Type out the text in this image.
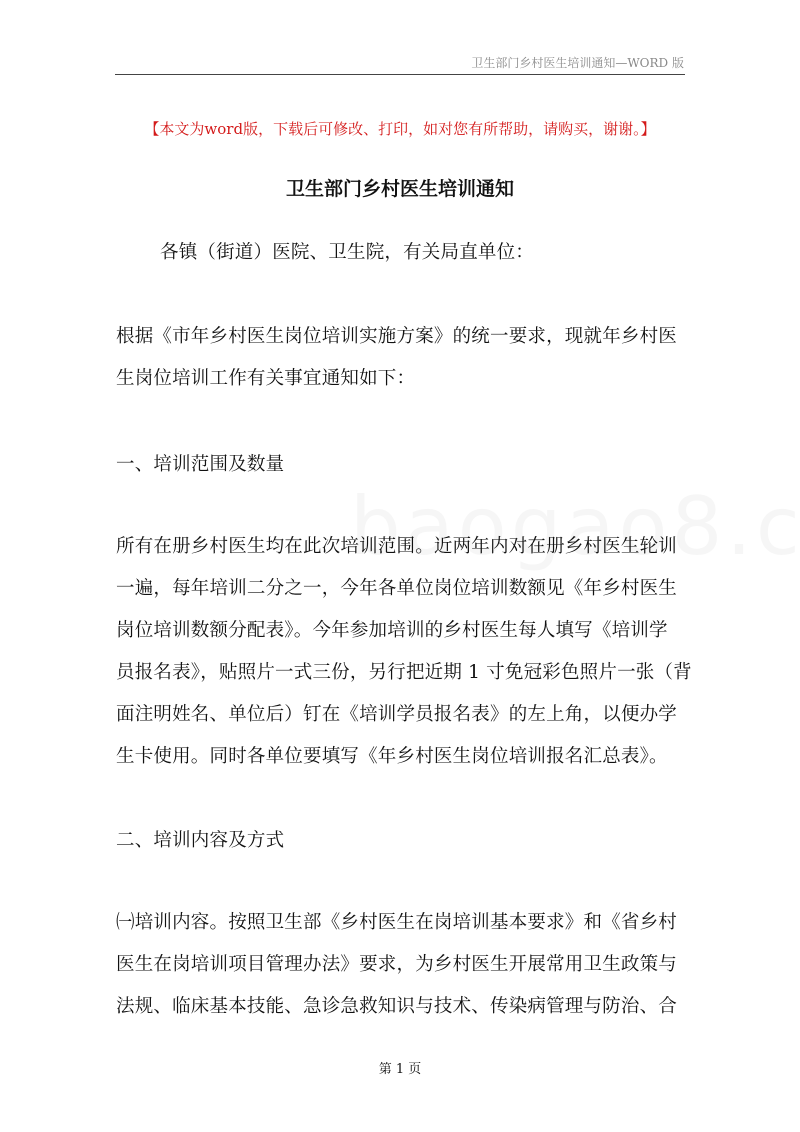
卫生部门乡村医生培训通知—WORD 版
【本文为word版，下载后可修改、打印，如对您有所帮助，请购买，谢谢。】
卫生部门乡村医生培训通知
各镇（街道）医院、卫生院，有关局直单位：
根据《市年乡村医生岗位培训实施方案》的统一要求，现就年乡村医
生岗位培训工作有关事宜通知如下：
一、培训范围及数量
所有在册乡村医生均在此次培训范围。近两年内对在册乡村医生轮训
一遍，每年培训二分之一，今年各单位岗位培训数额见《年乡村医生
岗位培训数额分配表》。今年参加培训的乡村医生每人填写《培训学
员报名表》，贴照片一式三份，另行把近期 1 寸免冠彩色照片一张（背
面注明姓名、单位后）钉在《培训学员报名表》的左上角，以便办学
生卡使用。同时各单位要填写《年乡村医生岗位培训报名汇总表》。
二、培训内容及方式
㈠培训内容。按照卫生部《乡村医生在岗培训基本要求》和《省乡村
医生在岗培训项目管理办法》要求，为乡村医生开展常用卫生政策与
法规、临床基本技能、急诊急救知识与技术、传染病管理与防治、合
第 1 页
